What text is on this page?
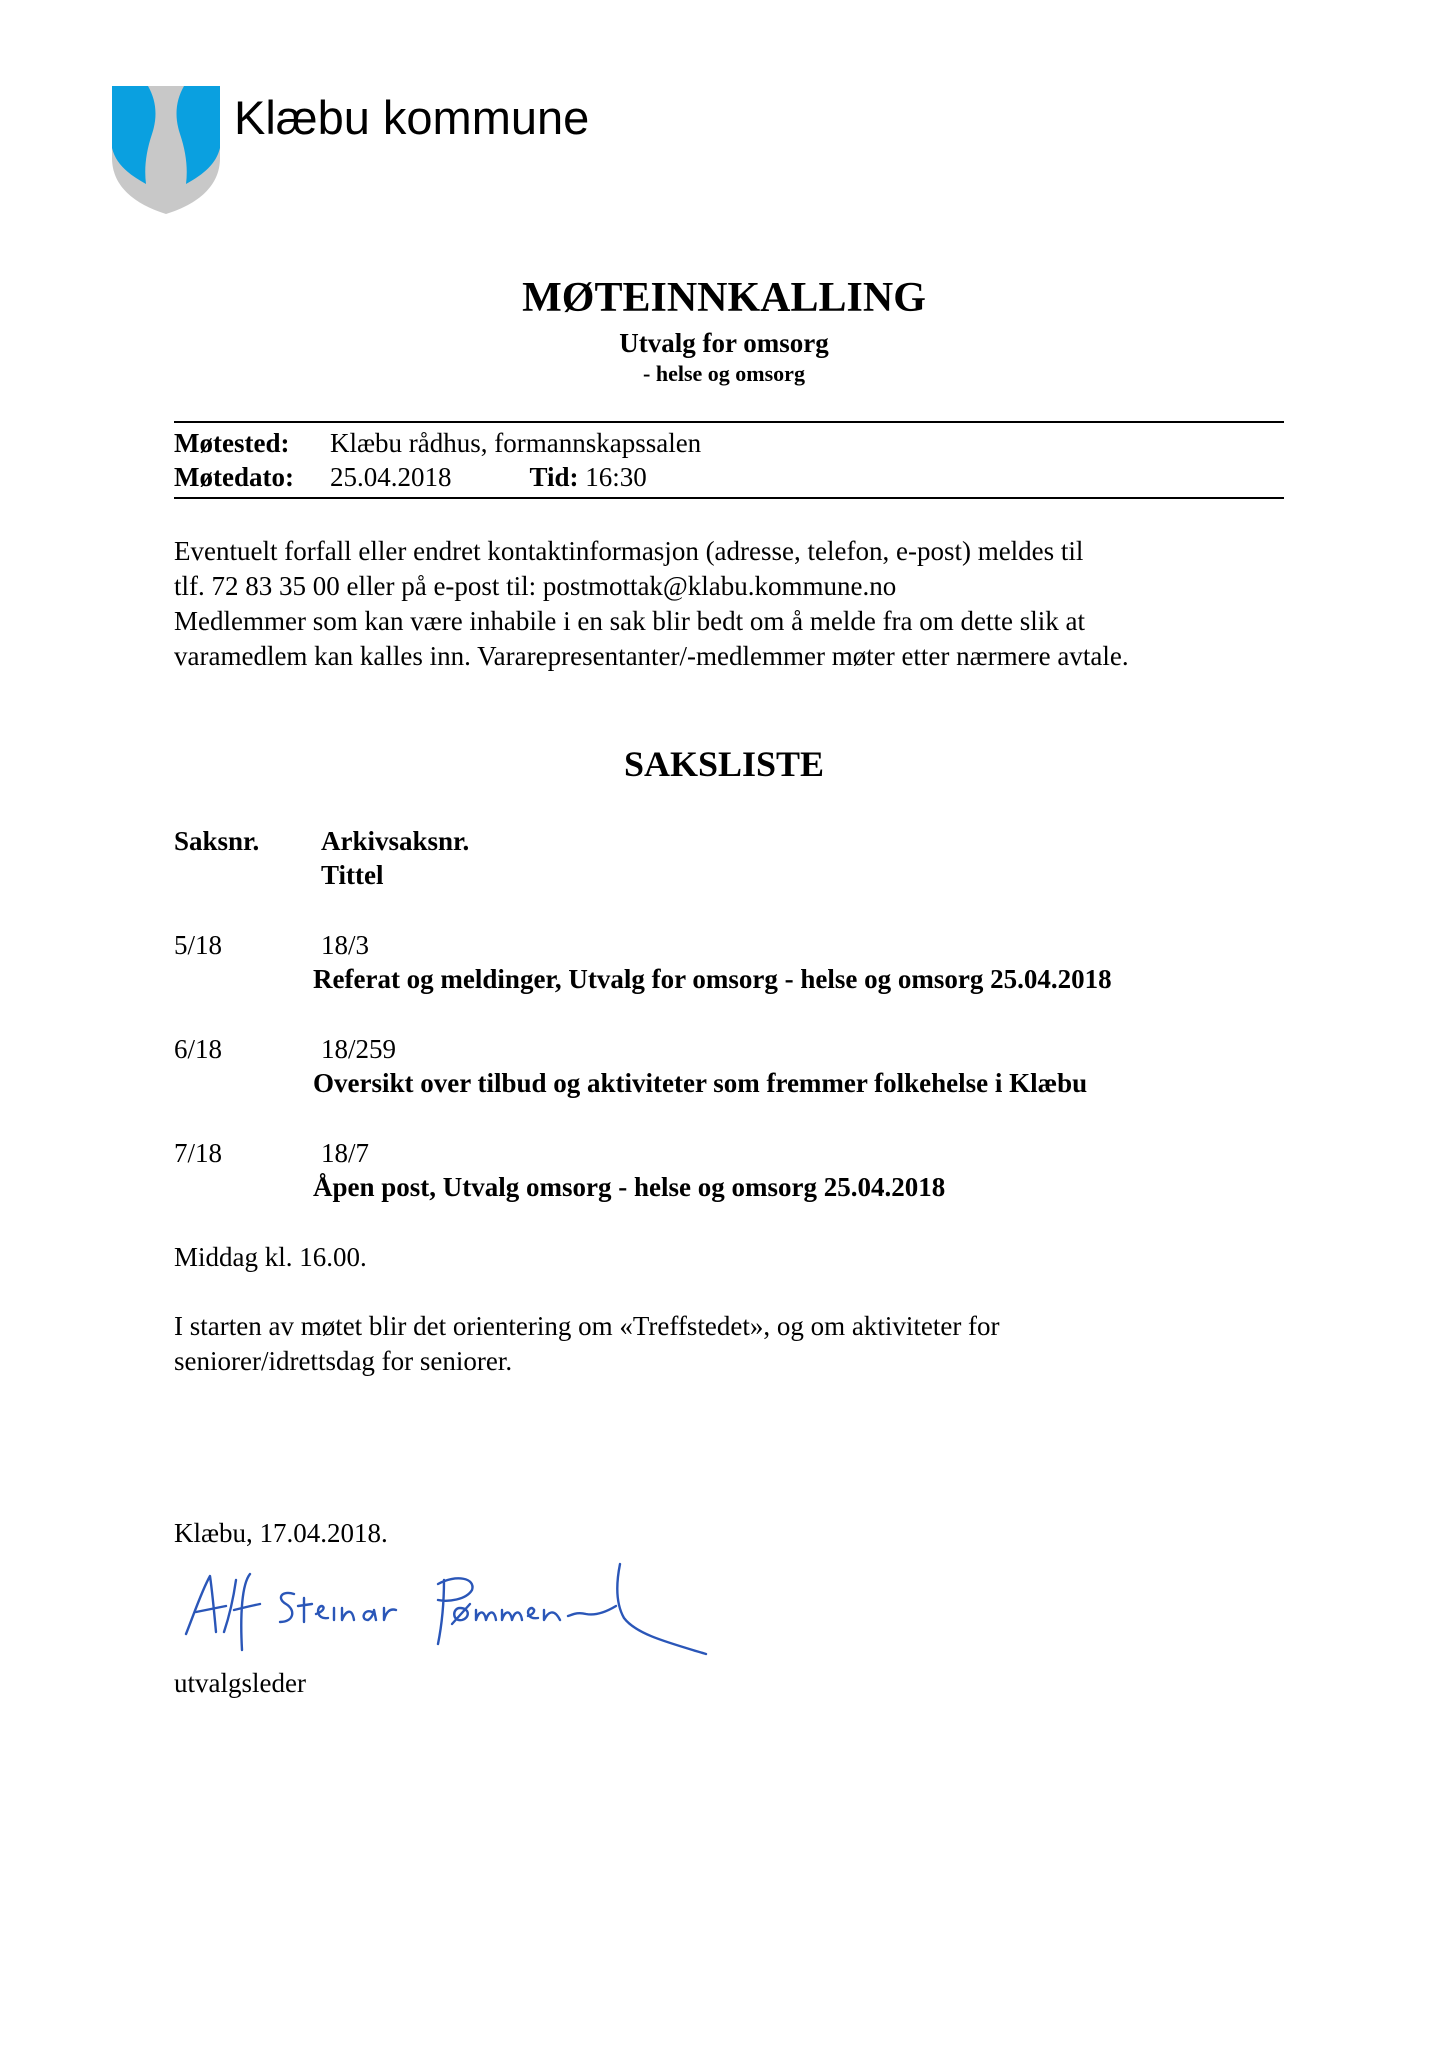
Klæbu kommune
MØTEINNKALLING
Utvalg for omsorg
- helse og omsorg
Møtested: Klæbu rådhus, formannskapssalen
Møtedato: 25.04.2018	Tid: 16:30
Eventuelt forfall eller endret kontaktinformasjon (adresse, telefon, e-post) meldes til
tlf. 72 83 35 00 eller på e-post til: postmottak@klabu.kommune.no
Medlemmer som kan være inhabile i en sak blir bedt om å melde fra om dette slik at
varamedlem kan kalles inn. Vararepresentanter/-medlemmer møter etter nærmere avtale.
SAKSLISTE
Saksnr. Arkivsaksnr.
Tittel
5/18	18/3
Referat og meldinger, Utvalg for omsorg - helse og omsorg 25.04.2018
6/18	18/259
Oversikt over tilbud og aktiviteter som fremmer folkehelse i Klæbu
7/18	18/7
Åpen post, Utvalg omsorg - helse og omsorg 25.04.2018
Middag kl. 16.00.
I starten av møtet blir det orientering om «Treffstedet», og om aktiviteter for
seniorer/idrettsdag for seniorer.
Klæbu, 17.04.2018.
utvalgsleder
